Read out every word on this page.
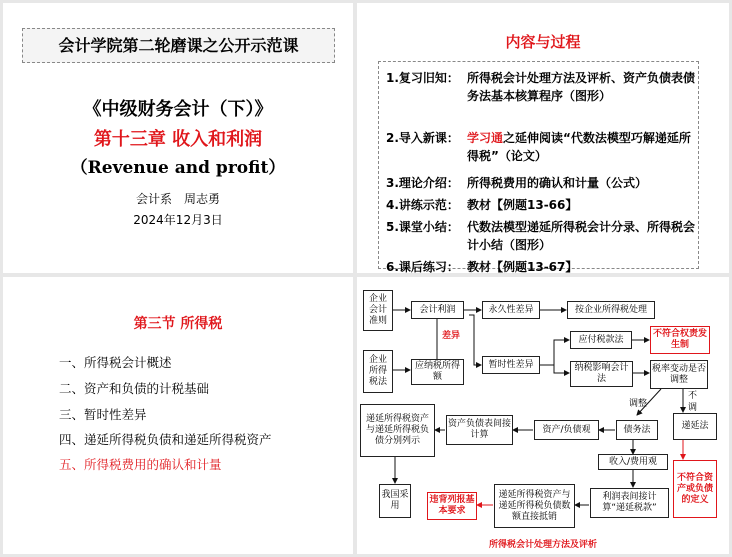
会计学院第二轮磨课之公开示范课
《中级财务会计（下）》
第十三章 收入和利润
（Revenue and profit）
会计系　周志勇
2024年12月3日
内容与过程
1.复习旧知： 所得税会计处理方法及评析、资产负债表债务法基本核算程序（图形）
2.导入新课： 学习通之延伸阅读“代数法模型巧解递延所得税”（论文）
3.理论介绍： 所得税费用的确认和计量（公式）
4.讲练示范： 教材【例题13-66】
5.课堂小结： 代数法模型递延所得税会计分录、所得税会计小结（图形）
6.课后练习： 教材【例题13-67】
第三节 所得税
一、所得税会计概述
二、资产和负债的计税基础
三、暂时性差异
四、递延所得税负债和递延所得税资产
五、所得税费用的确认和计量
企业会计准则
会计利润	永久性差异	按企业所得税处理
差异
企业所得税法
应纳税所得额
暂时性差异
应付税款法
不符合权责发生制
纳税影响会计法
税率变动是否调整
调整
不调
递延法
债务法
资产/负债观
资产负债表间接计算
递延所得税资产与递延所得税负债分别列示
收入/费用观
不符合资产或负债的定义
利润表间接计算“递延税款”
递延所得税资产与递延所得税负债数额直接抵销
违背列报基本要求
我国采用
所得税会计处理方法及评析
